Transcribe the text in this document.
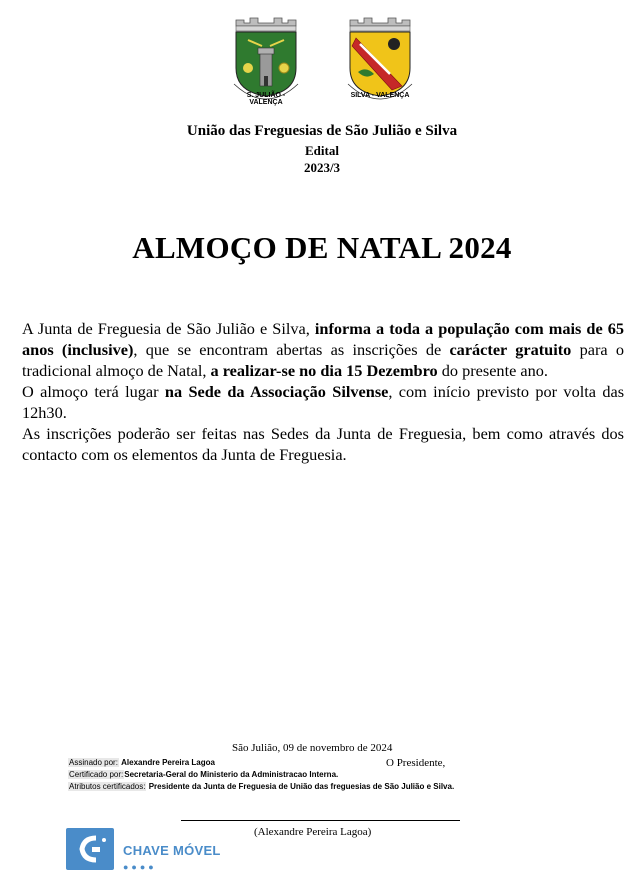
S. JULIÃO - VALENÇA
SILVA - VALENÇA
União das Freguesias de São Julião e Silva
Edital
2023/3
ALMOÇO DE NATAL 2024

A Junta de Freguesia de São Julião e Silva, informa a toda a população com mais de 65 anos (inclusive), que se encontram abertas as inscrições de carácter gratuito para o tradicional almoço de Natal, a realizar-se no dia 15 Dezembro do presente ano.

O almoço terá lugar na Sede da Associação Silvense, com início previsto por volta das 12h30.

As inscrições poderão ser feitas nas Sedes da Junta de Freguesia, bem como através dos contacto com os elementos da Junta de Freguesia.

São Julião, 09 de novembro de 2024
O Presidente,
Assinado por: Alexandre Pereira Lagoa
Certificado por:Secretaria-Geral do Ministerio da Administracao Interna.
Atributos certificados: Presidente da Junta de Freguesia de União das freguesias de São Julião e Silva.
(Alexandre Pereira Lagoa)
CHAVE MÓVEL
●●●●
